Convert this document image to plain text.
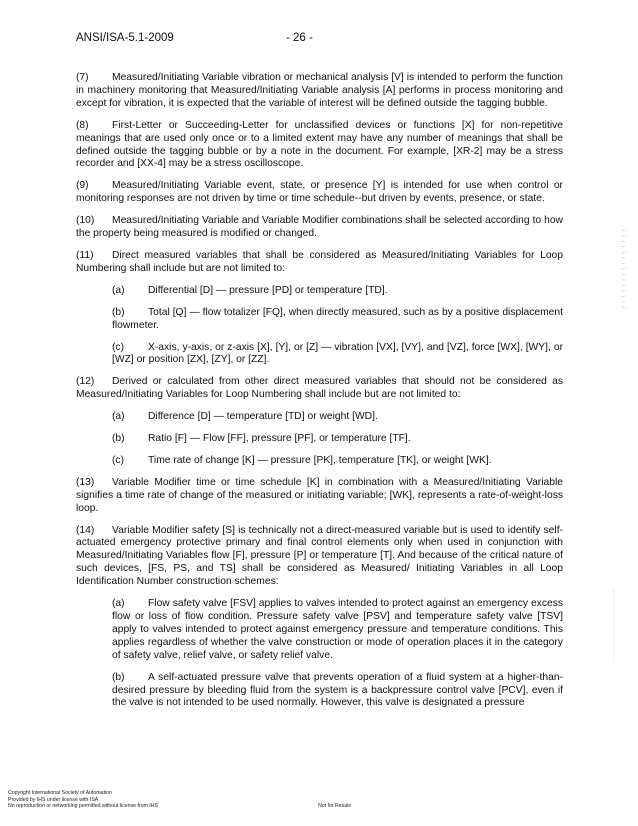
ANSI/ISA-5.1-2009	- 26 -

(7) Measured/Initiating Variable vibration or mechanical analysis [V] is intended to perform the function in machinery monitoring that Measured/Initiating Variable analysis [A] performs in process monitoring and except for vibration, it is expected that the variable of interest will be defined outside the tagging bubble.

(8) First-Letter or Succeeding-Letter for unclassified devices or functions [X] for non-repetitive meanings that are used only once or to a limited extent may have any number of meanings that shall be defined outside the tagging bubble or by a note in the document. For example, [XR-2] may be a stress recorder and [XX-4] may be a stress oscilloscope.

(9) Measured/Initiating Variable event, state, or presence [Y] is intended for use when control or monitoring responses are not driven by time or time schedule--but driven by events, presence, or state.

(10) Measured/Initiating Variable and Variable Modifier combinations shall be selected according to how the property being measured is modified or changed.

(11) Direct measured variables that shall be considered as Measured/Initiating Variables for Loop Numbering shall include but are not limited to:

(a) Differential [D] — pressure [PD] or temperature [TD].

(b) Total [Q] — flow totalizer [FQ], when directly measured, such as by a positive displacement flowmeter.

(c) X-axis, y-axis, or z-axis [X], [Y], or [Z] — vibration [VX], [VY], and [VZ], force [WX], [WY], or [WZ] or position [ZX], [ZY], or [ZZ].

(12) Derived or calculated from other direct measured variables that should not be considered as Measured/Initiating Variables for Loop Numbering shall include but are not limited to:

(a) Difference [D] — temperature [TD] or weight [WD].

(b) Ratio [F] — Flow [FF], pressure [PF], or temperature [TF].

(c) Time rate of change [K] — pressure [PK], temperature [TK], or weight [WK].

(13) Variable Modifier time or time schedule [K] in combination with a Measured/Initiating Variable signifies a time rate of change of the measured or initiating variable; [WK], represents a rate-of-weight-loss loop.

(14) Variable Modifier safety [S] is technically not a direct-measured variable but is used to identify self-actuated emergency protective primary and final control elements only when used in conjunction with Measured/Initiating Variables flow [F], pressure [P] or temperature [T]. And because of the critical nature of such devices, [FS, PS, and TS] shall be considered as Measured/ Initiating Variables in all Loop Identification Number construction schemes:

(a) Flow safety valve [FSV] applies to valves intended to protect against an emergency excess flow or loss of flow condition. Pressure safety valve [PSV] and temperature safety valve [TSV] apply to valves intended to protect against emergency pressure and temperature conditions. This applies regardless of whether the valve construction or mode of operation places it in the category of safety valve, relief valve, or safety relief valve.

(b) A self-actuated pressure valve that prevents operation of a fluid system at a higher-than-desired pressure by bleeding fluid from the system is a backpressure control valve [PCV], even if the valve is not intended to be used normally. However, this valve is designated a pressure

⋮⋮⋮⋮⋮⋮⋮⋮⋮⋮⋮⋮⋮⋮⋮
Copyright International Society of Automation
Provided by IHS under license with ISA
No reproduction or networking permitted without license from IHS	Not for Resale
